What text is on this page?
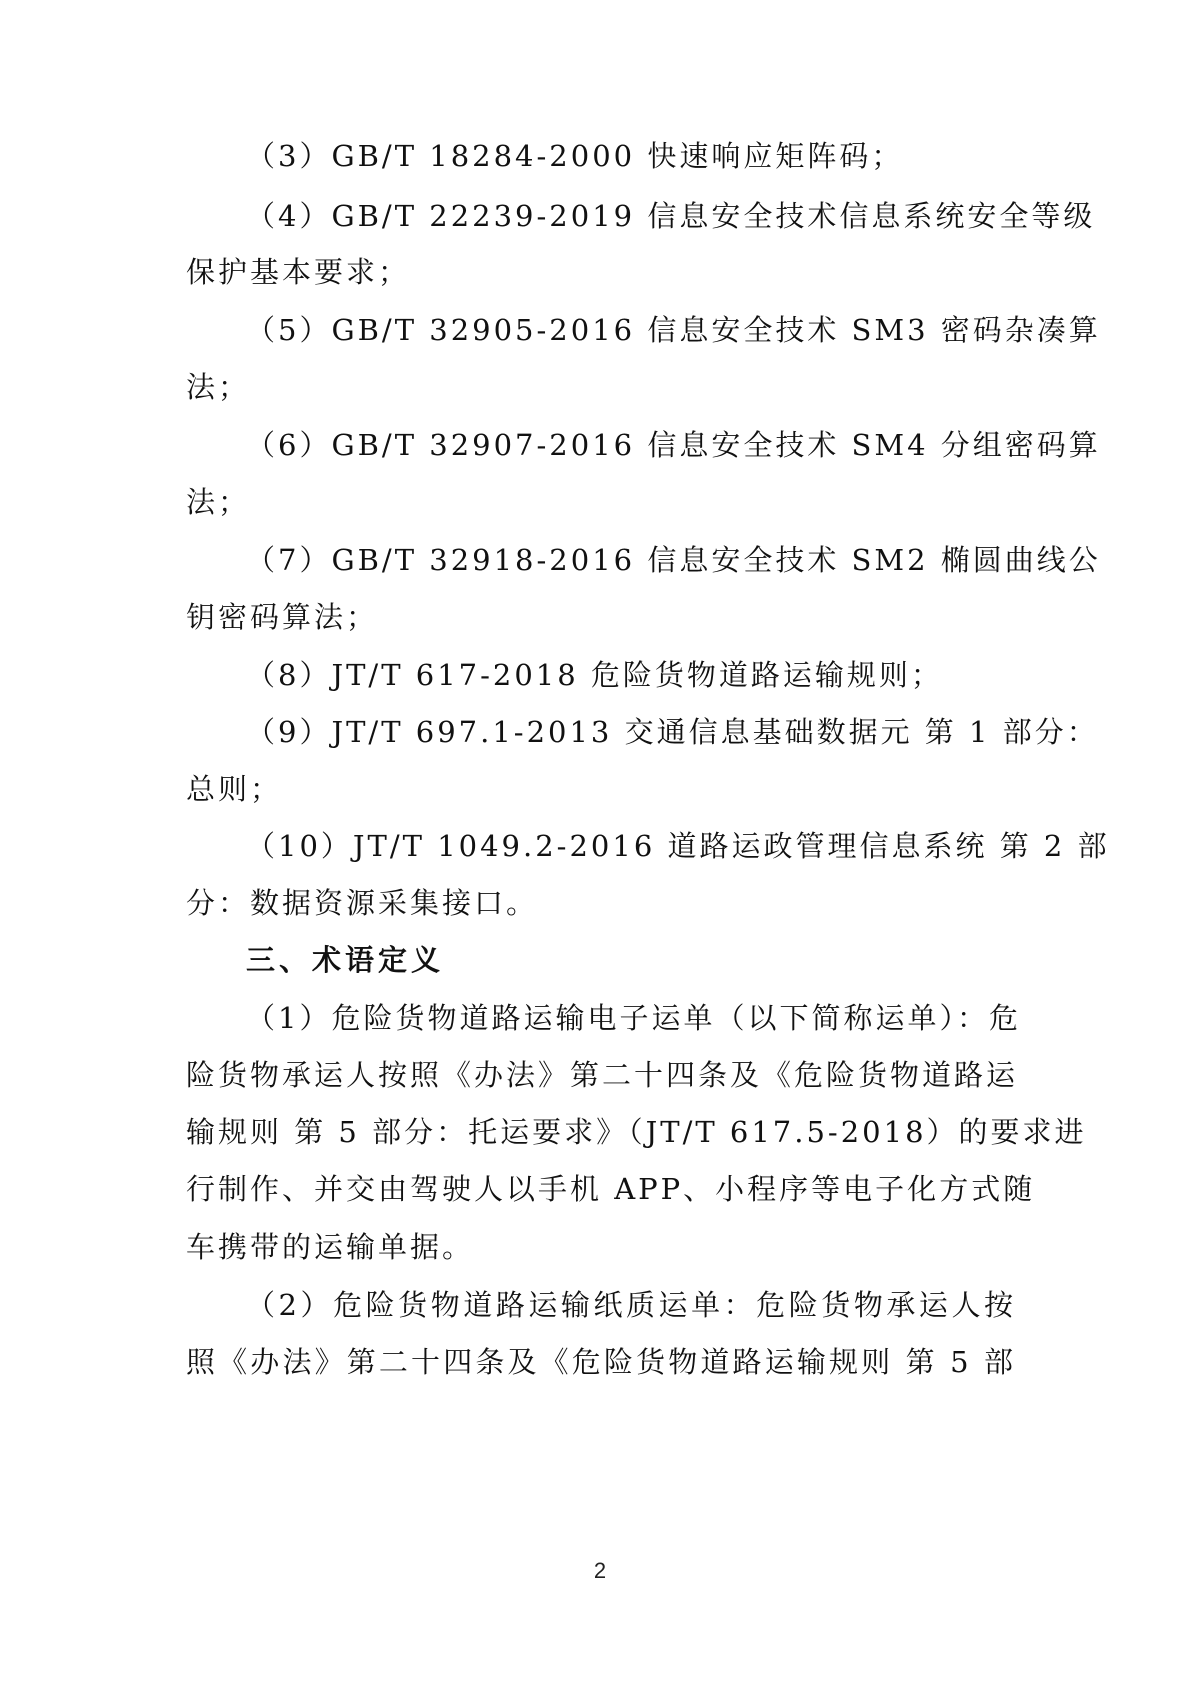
（3）GB/T 18284-2000 快速响应矩阵码；
（4）GB/T 22239-2019 信息安全技术信息系统安全等级
保护基本要求；
（5）GB/T 32905-2016 信息安全技术 SM3 密码杂凑算
法；
（6）GB/T 32907-2016 信息安全技术 SM4 分组密码算
法；
（7）GB/T 32918-2016 信息安全技术 SM2 椭圆曲线公
钥密码算法；
（8）JT/T 617-2018 危险货物道路运输规则；
（9）JT/T 697.1-2013 交通信息基础数据元 第 1 部分：
总则；
（10）JT/T 1049.2-2016 道路运政管理信息系统 第 2 部
分：数据资源采集接口。
三、术语定义
（1）危险货物道路运输电子运单（以下简称运单）：危
险货物承运人按照《办法》第二十四条及《危险货物道路运
输规则 第 5 部分：托运要求》（JT/T 617.5-2018）的要求进
行制作、并交由驾驶人以手机 APP、小程序等电子化方式随
车携带的运输单据。
（2）危险货物道路运输纸质运单：危险货物承运人按
照《办法》第二十四条及《危险货物道路运输规则 第 5 部
2
